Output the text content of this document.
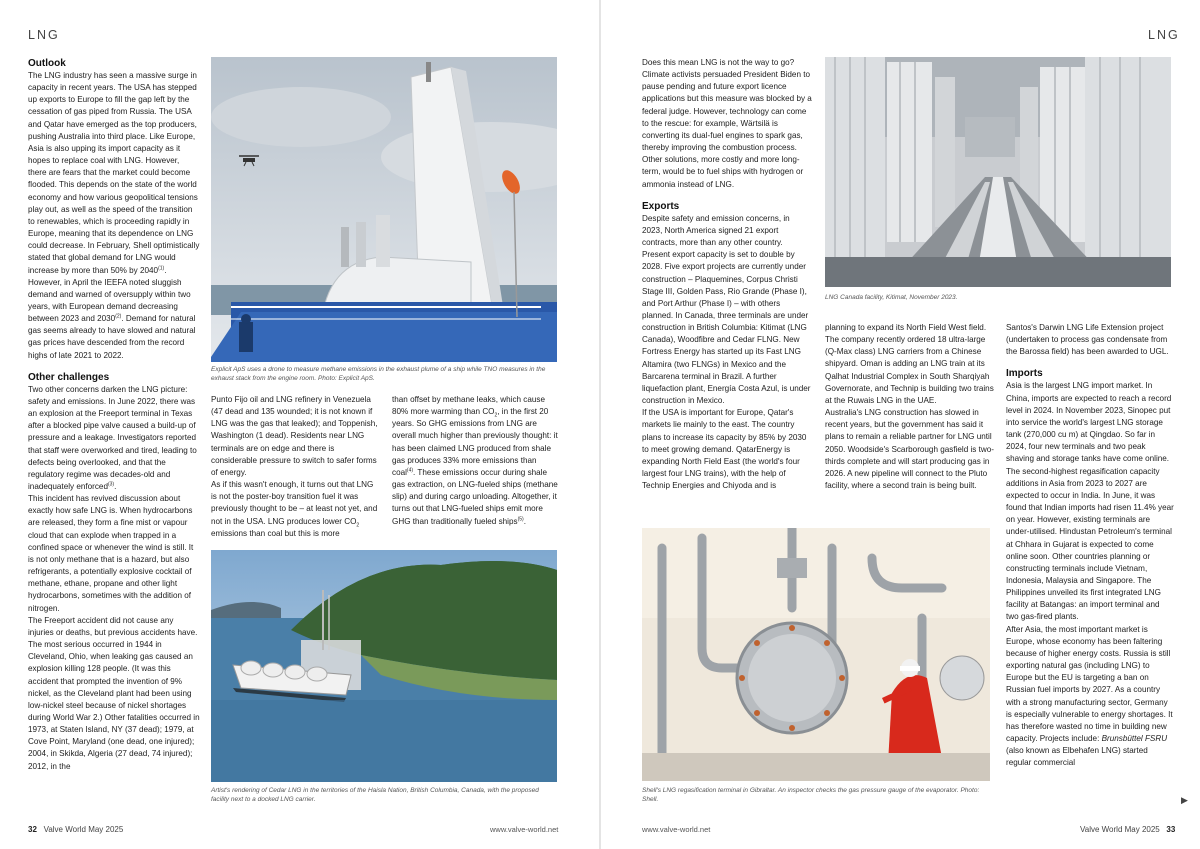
LNG	LNG
Outlook

The LNG industry has seen a massive surge in capacity in recent years. The USA has stepped up exports to Europe to fill the gap left by the cessation of gas piped from Russia. The USA and Qatar have emerged as the top producers, pushing Australia into third place. Like Europe, Asia is also upping its import capacity as it hopes to replace coal with LNG. However, there are fears that the market could become flooded. This depends on the state of the world economy and how various geopolitical tensions play out, as well as the speed of the transition to renewables, which is proceeding rapidly in Europe, meaning that its dependence on LNG could decrease. In February, Shell optimistically stated that global demand for LNG would increase by more than 50% by 2040$^{(1)}$. However, in April the IEEFA noted sluggish demand and warned of oversupply within two years, with European demand decreasing between 2023 and 2030$^{(2)}$. Demand for natural gas seems already to have slowed and natural gas prices have descended from the record highs of late 2021 to 2022.

Other challenges

Two other concerns darken the LNG picture: safety and emissions. In June 2022, there was an explosion at the Freeport terminal in Texas after a blocked pipe valve caused a build-up of pressure and a leakage. Investigators reported that staff were overworked and tired, leading to defects being overlooked, and that the regulatory regime was decades-old and inadequately enforced$^{(3)}$.

This incident has revived discussion about exactly how safe LNG is. When hydrocarbons are released, they form a fine mist or vapour cloud that can explode when trapped in a confined space or whenever the wind is still. It is not only methane that is a hazard, but also refrigerants, a potentially explosive cocktail of methane, ethane, propane and other light hydrocarbons, sometimes with the addition of nitrogen.

The Freeport accident did not cause any injuries or deaths, but previous accidents have. The most serious occurred in 1944 in Cleveland, Ohio, when leaking gas caused an explosion killing 128 people. (It was this accident that prompted the invention of 9% nickel, as the Cleveland plant had been using low-nickel steel because of nickel shortages during World War 2.) Other fatalities occurred in 1973, at Staten Island, NY (37 dead); 1979, at Cove Point, Maryland (one dead, one injured); 2004, in Skikda, Algeria (27 dead, 74 injured); 2012, in the

Explicit ApS uses a drone to measure methane emissions in the exhaust plume of a ship while TNO measures in the exhaust stack from the engine room. Photo: Explicit ApS.

Punto Fijo oil and LNG refinery in Venezuela (47 dead and 135 wounded; it is not known if LNG was the gas that leaked); and Toppenish, Washington (1 dead). Residents near LNG terminals are on edge and there is considerable pressure to switch to safer forms of energy.

As if this wasn't enough, it turns out that LNG is not the poster-boy transition fuel it was previously thought to be – at least not yet, and not in the USA. LNG produces lower $CO_2$ emissions than coal but this is more

than offset by methane leaks, which cause 80% more warming than $CO_2$, in the first 20 years. So GHG emissions from LNG are overall much higher than previously thought: it has been claimed LNG produced from shale gas produces 33% more emissions than coal$^{(4)}$. These emissions occur during shale gas extraction, on LNG-fueled ships (methane slip) and during cargo unloading. Altogether, it turns out that LNG-fueled ships emit more GHG than traditionally fueled ships$^{(5)}$.

Artist's rendering of Cedar LNG in the territories of the Haisla Nation, British Columbia, Canada, with the proposed facility next to a docked LNG carrier.

Does this mean LNG is not the way to go? Climate activists persuaded President Biden to pause pending and future export licence applications but this measure was blocked by a federal judge. However, technology can come to the rescue: for example, Wärtsilä is converting its dual-fuel engines to spark gas, thereby improving the combustion process. Other solutions, more costly and more long-term, would be to fuel ships with hydrogen or ammonia instead of LNG.

Exports

Despite safety and emission concerns, in 2023, North America signed 21 export contracts, more than any other country. Present export capacity is set to double by 2028. Five export projects are currently under construction – Plaquemines, Corpus Christi Stage III, Golden Pass, Rio Grande (Phase I), and Port Arthur (Phase I) – with others planned. In Canada, three terminals are under construction in British Columbia: Kitimat (LNG Canada), Woodfibre and Cedar FLNG. New Fortress Energy has started up its Fast LNG Altamira (two FLNGs) in Mexico and the Barcarena terminal in Brazil. A further liquefaction plant, Energía Costa Azul, is under construction in Mexico.

If the USA is important for Europe, Qatar's markets lie mainly to the east. The country plans to increase its capacity by 85% by 2030 to meet growing demand. QatarEnergy is expanding North Field East (the world's four largest four LNG trains), with the help of Technip Energies and Chiyoda and is

LNG Canada facility, Kitimat, November 2023.

planning to expand its North Field West field. The company recently ordered 18 ultra-large (Q-Max class) LNG carriers from a Chinese shipyard. Oman is adding an LNG train at its Qalhat Industrial Complex in South Sharqiyah Governorate, and Technip is building two trains at the Ruwais LNG in the UAE.

Australia's LNG construction has slowed in recent years, but the government has said it plans to remain a reliable partner for LNG until 2050. Woodside's Scarborough gasfield is two-thirds complete and will start producing gas in 2026. A new pipeline will connect to the Pluto facility, where a second train is being built.

Santos's Darwin LNG Life Extension project (undertaken to process gas condensate from the Barossa field) has been awarded to UGL.

Imports

Asia is the largest LNG import market. In China, imports are expected to reach a record level in 2024. In November 2023, Sinopec put into service the world's largest LNG storage tank (270,000 cu m) at Qingdao. So far in 2024, four new terminals and two peak shaving and storage tanks have come online. The second-highest regasification capacity additions in Asia from 2023 to 2027 are expected to occur in India. In June, it was found that Indian imports had risen 11.4% year on year. However, existing terminals are under-utilised. Hindustan Petroleum's terminal at Chhara in Gujarat is expected to come online soon. Other countries planning or constructing terminals include Vietnam, Indonesia, Malaysia and Singapore. The Philippines unveiled its first integrated LNG facility at Batangas: an import terminal and two gas-fired plants.

After Asia, the most important market is Europe, whose economy has been faltering because of higher energy costs. Russia is still exporting natural gas (including LNG) to Europe but the EU is targeting a ban on Russian fuel imports by 2027. As a country with a strong manufacturing sector, Germany is especially vulnerable to energy shortages. It has therefore wasted no time in building new capacity. Projects include: Brunsbüttel FSRU (also known as Elbehafen LNG) started regular commercial

Shell's LNG regasification terminal in Gibraltar. An inspector checks the gas pressure gauge of the evaporator. Photo: Shell.
32 Valve World May 2025	www.valve-world.net	www.valve-world.net	Valve World May 2025 33
▶
